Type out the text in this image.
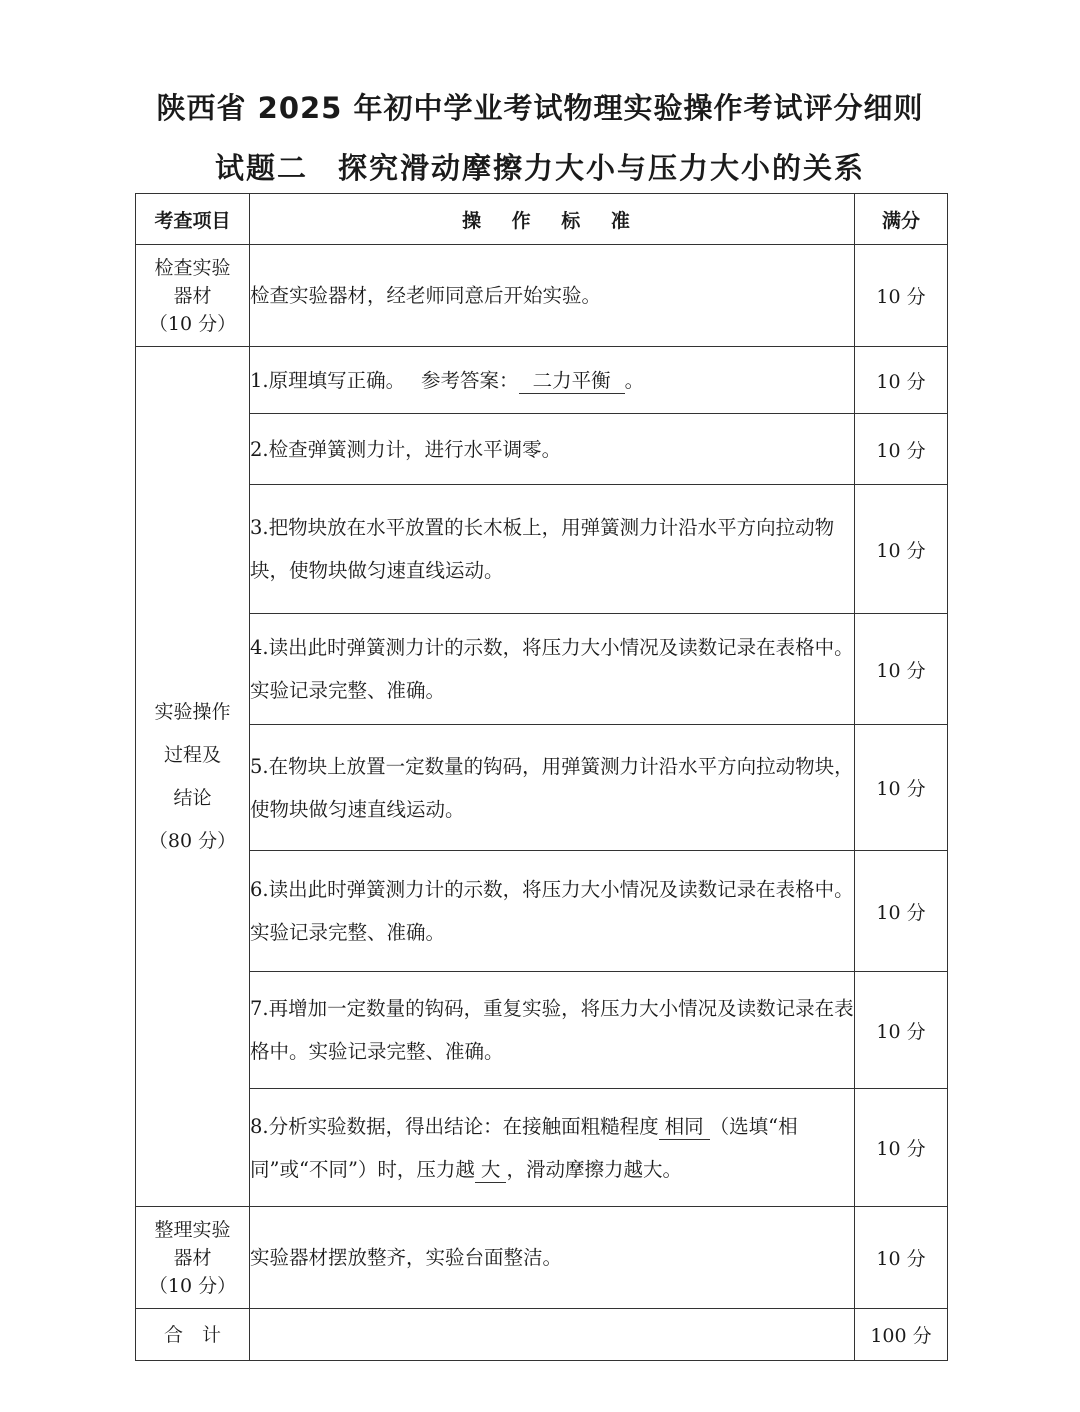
陕西省 2025 年初中学业考试物理实验操作考试评分细则
试题二 探究滑动摩擦力大小与压力大小的关系
考查项目	操 作 标 准	满分

检查实验
器材
（10 分）	检查实验器材，经老师同意后开始实验。	10 分

实验操作
过程及
结论
（80 分）	1.原理填写正确。　 参考答案： 二力平衡 。	10 分
	2.检查弹簧测力计，进行水平调零。	10 分
	3.把物块放在水平放置的长木板上，用弹簧测力计沿水平方向拉动物块，使物块做匀速直线运动。	10 分
	4.读出此时弹簧测力计的示数，将压力大小情况及读数记录在表格中。实验记录完整、准确。	10 分
	5.在物块上放置一定数量的钩码，用弹簧测力计沿水平方向拉动物块，使物块做匀速直线运动。	10 分
	6.读出此时弹簧测力计的示数，将压力大小情况及读数记录在表格中。实验记录完整、准确。	10 分
	7.再增加一定数量的钩码，重复实验，将压力大小情况及读数记录在表格中。实验记录完整、准确。	10 分
	8.分析实验数据，得出结论：在接触面粗糙程度 相同 （选填“相同”或“不同”）时，压力越 大 ，滑动摩擦力越大。	10 分

整理实验
器材
（10 分）	实验器材摆放整齐，实验台面整洁。	10 分
合　计		100 分
